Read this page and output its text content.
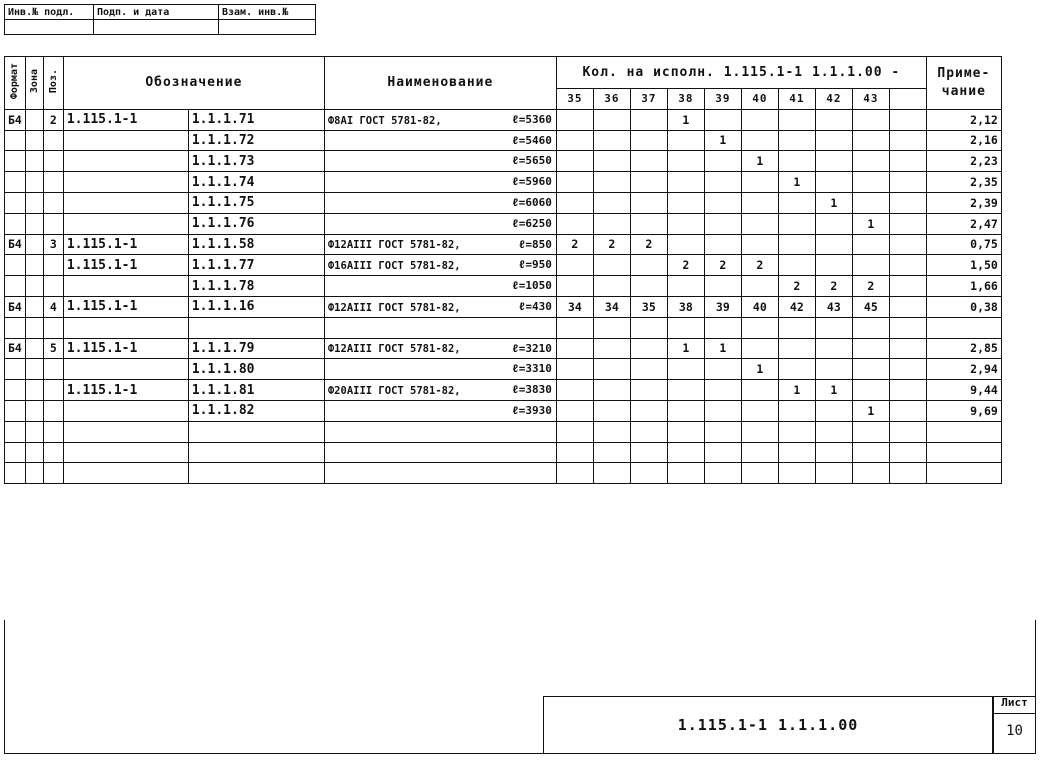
Инв.№ подл.	Подп. и дата	Взам. инв.№

Формат	Зона	Поз.	Обозначение		Наименование	Кол. на исполн. 1.115.1-1 1.1.1.00 -										Приме- чание
						35	36	37	38	39	40	41	42	43		
Б4		2	1.115.1-1	1.1.1.71	Ф8АI ГОСТ 5781-82, ℓ=5360				1							2,12
				1.1.1.72	ℓ=5460					1						2,16
				1.1.1.73	ℓ=5650						1					2,23
				1.1.1.74	ℓ=5960							1				2,35
				1.1.1.75	ℓ=6060								1			2,39
				1.1.1.76	ℓ=6250									1		2,47
Б4		3	1.115.1-1	1.1.1.58	Ф12АIII ГОСТ 5781-82, ℓ=850	2	2	2								0,75
			1.115.1-1	1.1.1.77	Ф16АIII ГОСТ 5781-82, ℓ=950				2	2	2					1,50
				1.1.1.78	ℓ=1050							2	2	2		1,66
Б4		4	1.115.1-1	1.1.1.16	Ф12АIII ГОСТ 5781-82, ℓ=430	34	34	35	38	39	40	42	43	45		0,38

Б4		5	1.115.1-1	1.1.1.79	Ф12АIII ГОСТ 5781-82, ℓ=3210				1	1						2,85
				1.1.1.80	ℓ=3310						1					2,94
			1.115.1-1	1.1.1.81	Ф20АIII ГОСТ 5781-82, ℓ=3830							1	1			9,44
				1.1.1.82	ℓ=3930									1		9,69

1.115.1-1 1.1.1.00
Лист
10
